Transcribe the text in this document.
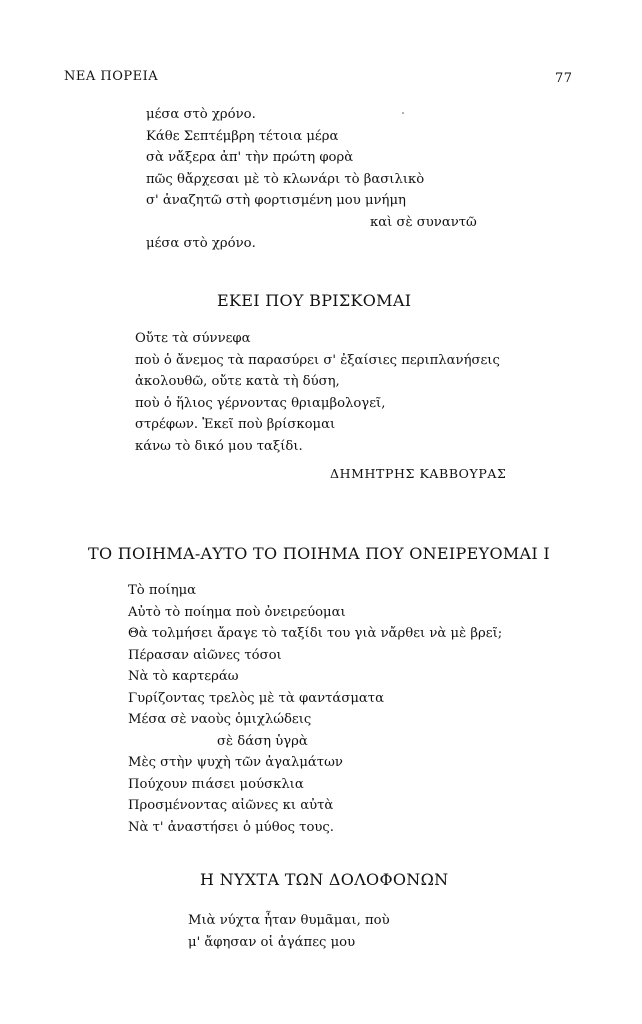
ΝΕΑ ΠΟΡΕΙΑ	77
μέσα στὸ χρόνο.
Κάθε Σεπτέμβρη τέτοια μέρα
σὰ νἄξερα ἀπ' τὴν πρώτη φορὰ
πῶς θἄρχεσαι μὲ τὸ κλωνάρι τὸ βασιλικὸ
σ' ἀναζητῶ στὴ φορτισμένη μου μνήμη
καὶ σὲ συναντῶ
μέσα στὸ χρόνο.
ΕΚΕΙ ΠΟΥ ΒΡΙΣΚΟΜΑΙ
Οὔτε τὰ σύννεφα
ποὺ ὁ ἄνεμος τὰ παρασύρει σ' ἐξαίσιες περιπλανήσεις
ἀκολουθῶ, οὔτε κατὰ τὴ δύση,
ποὺ ὁ ἥλιος γέρνοντας θριαμβολογεῖ,
στρέφων. Ἐκεῖ ποὺ βρίσκομαι
κάνω τὸ δικό μου ταξίδι.
ΔΗΜΗΤΡΗΣ ΚΑΒΒΟΥΡΑΣ
ΤΟ ΠΟΙΗΜΑ-ΑΥΤΟ ΤΟ ΠΟΙΗΜΑ ΠΟΥ ΟΝΕΙΡΕΥΟΜΑΙ Ι
Τὸ ποίημα
Αὐτὸ τὸ ποίημα ποὺ ὀνειρεύομαι
Θὰ τολμήσει ἄραγε τὸ ταξίδι του γιὰ νἄρθει νὰ μὲ βρεῖ;
Πέρασαν αἰῶνες τόσοι
Νὰ τὸ καρτεράω
Γυρίζοντας τρελὸς μὲ τὰ φαντάσματα
Μέσα σὲ ναοὺς ὁμιχλώδεις
σὲ δάση ὑγρὰ
Μὲς στὴν ψυχὴ τῶν ἀγαλμάτων
Πούχουν πιάσει μούσκλια
Προσμένοντας αἰῶνες κι αὐτὰ
Νὰ τ' ἀναστήσει ὁ μύθος τους.
Η ΝΥΧΤΑ ΤΩΝ ΔΟΛΟΦΟΝΩΝ
Μιὰ νύχτα ἦταν θυμᾶμαι, ποὺ
μ' ἄφησαν οἱ ἀγάπες μου
